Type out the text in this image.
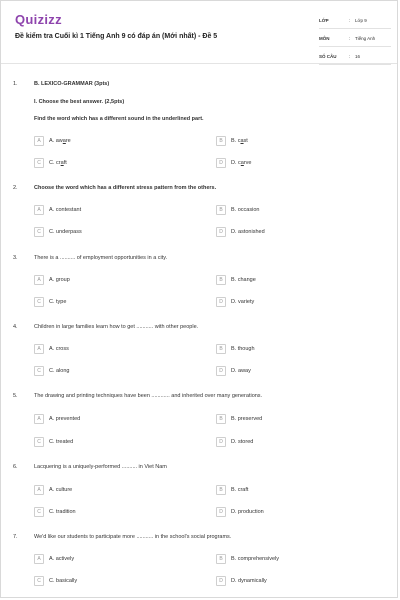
Quizizz
Đề kiểm tra Cuối kì 1 Tiếng Anh 9 có đáp án (Mới nhất) - Đề 5
LỚP	:	Lớp 9
MÔN	:	Tiếng Anh
SỐ CÂU	:	16
1.	B. LEXICO-GRAMMAR (3pts)
I. Choose the best answer. (2,5pts)
Find the word which has a different sound in the underlined part.
A	A. aware	B	B. cast
C	C. craft	D	D. carve
2.	Choose the word which has a different stress pattern from the others.
A	A. contestant	B	B. occasion
C	C. underpass	D	D. astonished
3.	There is a .......... of employment opportunities in a city.
A	A. group	B	B. change
C	C. type	D	D. variety
4.	Children in large families learn how to get ........... with other people.
A	A. cross	B	B. though
C	C. along	D	D. away
5.	The drawing and printing techniques have been ............ and inherited over many generations.
A	A. prevented	B	B. preserved
C	C. treated	D	D. stored
6.	Lacquering is a uniquely-performed .......... in Viet Nam
A	A. culture	B	B. craft
C	C. tradition	D	D. production
7.	We'd like our students to participate more ........... in the school's social programs.
A	A. actively	B	B. comprehensively
C	C. basically	D	D. dynamically
